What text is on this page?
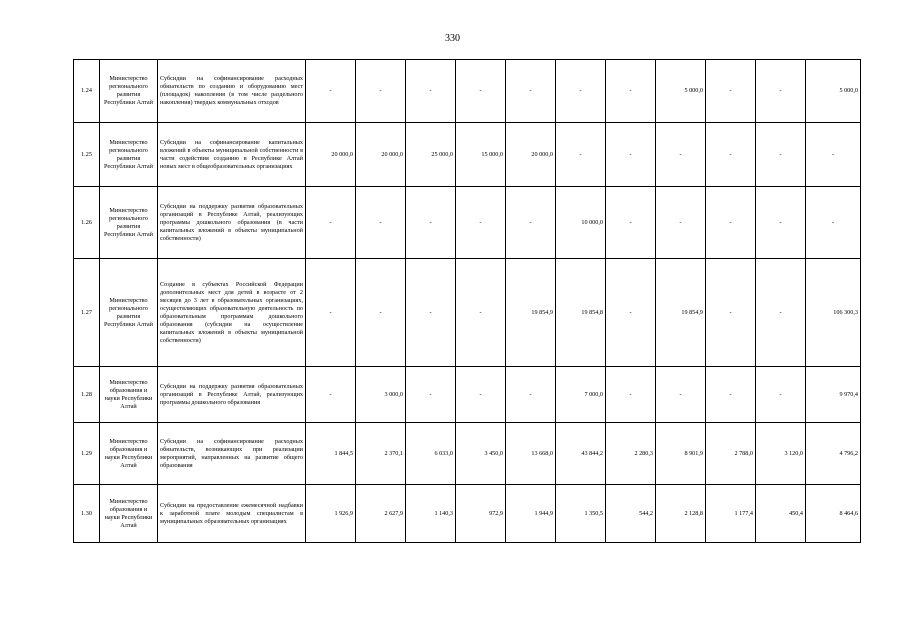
330
1.24	Министерство регионального развития Республики Алтай	Субсидии на софинансирование расходных обязательств по созданию и оборудованию мест (площадок) накопления (в том числе раздельного накопления) твердых коммунальных отходов	-	-	-	-	-	-	-	5 000,0	-	-	5 000,0
1.25	Министерство регионального развития Республики Алтай	Субсидии на софинансирование капитальных вложений в объекты муниципальной собственности в части содействия созданию в Республике Алтай новых мест в общеобразовательных организациях	20 000,0	20 000,0	25 000,0	15 000,0	20 000,0	-	-	-	-	-	-
1.26	Министерство регионального развития Республики Алтай	Субсидии на поддержку развития образовательных организаций в Республике Алтай, реализующих программы дошкольного образования (в части капитальных вложений в объекты муниципальной собственности)	-	-	-	-	-	10 000,0	-	-	-	-	-
1.27	Министерство регионального развития Республики Алтай	Создание в субъектах Российской Федерации дополнительных мест для детей в возрасте от 2 месяцев до 3 лет в образовательных организациях, осуществляющих образовательную деятельность по образовательным программам дошкольного образования (субсидии на осуществление капитальных вложений в объекты муниципальной собственности)	-	-	-	-	19 854,9	19 854,8	-	19 854,9	-	-	106 300,3
1.28	Министерство образования и науки Республики Алтай	Субсидии на поддержку развития образовательных организаций в Республике Алтай, реализующих программы дошкольного образования	-	3 000,0	-	-	-	7 000,0	-	-	-	-	9 970,4
1.29	Министерство образования и науки Республики Алтай	Субсидии на софинансирование расходных обязательств, возникающих при реализации мероприятий, направленных на развитие общего образования	1 844,5	2 370,1	6 033,0	3 450,0	13 668,0	43 844,2	2 280,3	8 901,9	2 788,0	3 120,0	4 796,2
1.30	Министерство образования и науки Республики Алтай	Субсидии на предоставление ежемесячной надбавки к заработной плате молодым специалистам в муниципальных образовательных организациях	1 926,9	2 627,9	1 140,3	972,9	1 944,9	1 350,5	544,2	2 128,8	1 177,4	450,4	8 464,6
